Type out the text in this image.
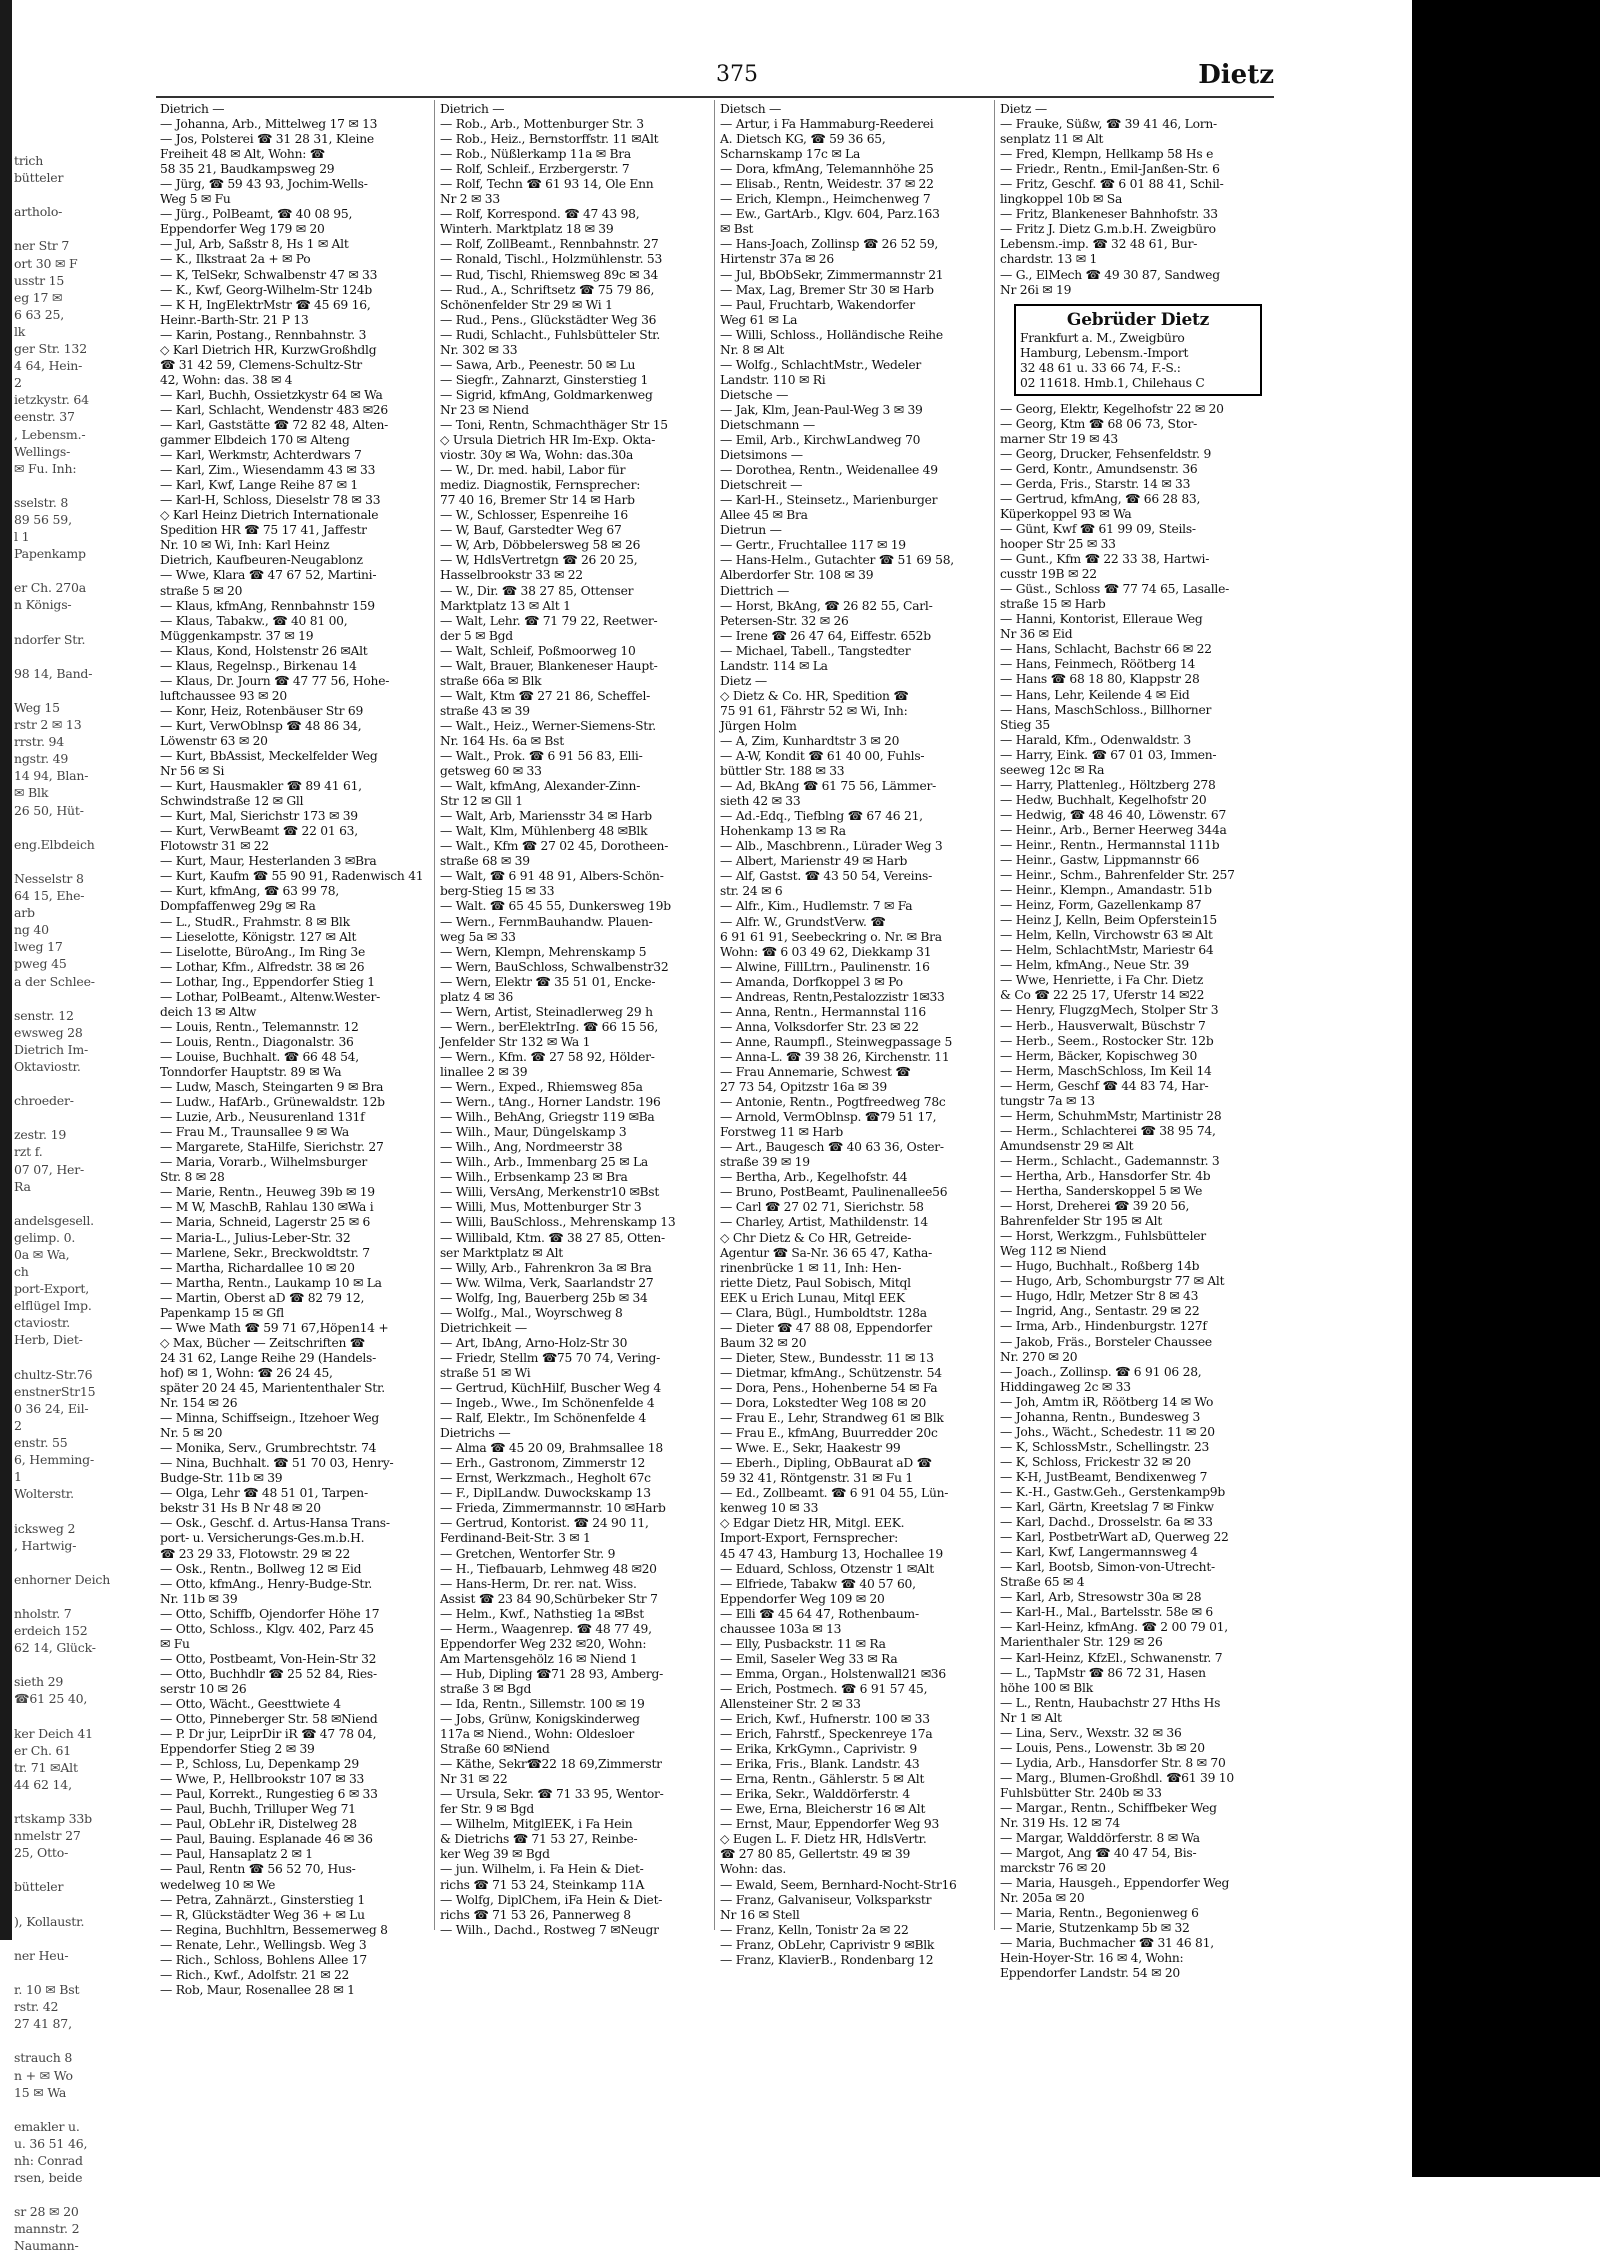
trich
bütteler
artholo-
ner Str 7
ort 30 ✉ F
usstr 15
eg 17 ✉
6 63 25,
lk
ger Str. 132
4 64, Hein-
2
ietzkystr. 64
eenstr. 37
, Lebensm.-
Wellings-
✉ Fu. Inh:
sselstr. 8
89 56 59,
l 1
Papenkamp
er Ch. 270a
n Königs-
ndorfer Str.
98 14, Band-
Weg 15
rstr 2 ✉ 13
rrstr. 94
ngstr. 49
14 94, Blan-
✉ Blk
26 50, Hüt-
eng.Elbdeich
Nesselstr 8
64 15, Ehe-
arb
ng 40
lweg 17
pweg 45
a der Schlee-
senstr. 12
ewsweg 28
Dietrich Im-
Oktaviostr.
chroeder-
zestr. 19
rzt f.
07 07, Her-
Ra
andelsgesell.
gelimp. 0.
0a ✉ Wa,
ch
port-Export,
elflügel Imp.
ctaviostr.
Herb, Diet-
chultz-Str.76
enstnerStr15
0 36 24, Eil-
2
enstr. 55
6, Hemming-
1
Wolterstr.
icksweg 2
, Hartwig-
enhorner Deich
nholstr. 7
erdeich 152
62 14, Glück-
sieth 29
☎61 25 40,
ker Deich 41
er Ch. 61
tr. 71 ✉Alt
44 62 14,
rtskamp 33b
nmelstr 27
25, Otto-
bütteler
), Kollaustr.
ner Heu-
r. 10 ✉ Bst
rstr. 42
27 41 87,
strauch 8
n + ✉ Wo
15 ✉ Wa
emakler u.
u. 36 51 46,
nh: Conrad
rsen, beide
sr 28 ✉ 20
mannstr. 2
Naumann-
375	Dietz
Dietrich —
— Johanna, Arb., Mittelweg 17 ✉ 13
— Jos, Polsterei ☎ 31 28 31, Kleine
Freiheit 48 ✉ Alt, Wohn: ☎
58 35 21, Baudkampsweg 29
— Jürg, ☎ 59 43 93, Jochim-Wells-
Weg 5 ✉ Fu
— Jürg., PolBeamt, ☎ 40 08 95,
Eppendorfer Weg 179 ✉ 20
— Jul, Arb, Saßstr 8, Hs 1 ✉ Alt
— K., Ilkstraat 2a + ✉ Po
— K, TelSekr, Schwalbenstr 47 ✉ 33
— K., Kwf, Georg-Wilhelm-Str 124b
— K H, IngElektrMstr ☎ 45 69 16,
Heinr.-Barth-Str. 21 P 13
— Karin, Postang., Rennbahnstr. 3
◇ Karl Dietrich HR, KurzwGroßhdlg
☎ 31 42 59, Clemens-Schultz-Str
42, Wohn: das. 38 ✉ 4
— Karl, Buchh, Ossietzkystr 64 ✉ Wa
— Karl, Schlacht, Wendenstr 483 ✉26
— Karl, Gaststätte ☎ 72 82 48, Alten-
gammer Elbdeich 170 ✉ Alteng
— Karl, Werkmstr, Achterdwars 7
— Karl, Zim., Wiesendamm 43 ✉ 33
— Karl, Kwf, Lange Reihe 87 ✉ 1
— Karl-H, Schloss, Dieselstr 78 ✉ 33
◇ Karl Heinz Dietrich Internationale
Spedition HR ☎ 75 17 41, Jaffestr
Nr. 10 ✉ Wi, Inh: Karl Heinz
Dietrich, Kaufbeuren-Neugablonz
— Wwe, Klara ☎ 47 67 52, Martini-
straße 5 ✉ 20
— Klaus, kfmAng, Rennbahnstr 159
— Klaus, Tabakw., ☎ 40 81 00,
Müggenkampstr. 37 ✉ 19
— Klaus, Kond, Holstenstr 26 ✉Alt
— Klaus, Regelnsp., Birkenau 14
— Klaus, Dr. Journ ☎ 47 77 56, Hohe-
luftchaussee 93 ✉ 20
— Konr, Heiz, Rotenbäuser Str 69
— Kurt, VerwOblnsp ☎ 48 86 34,
Löwenstr 63 ✉ 20
— Kurt, BbAssist, Meckelfelder Weg
Nr 56 ✉ Si
— Kurt, Hausmakler ☎ 89 41 61,
Schwindstraße 12 ✉ Gll
— Kurt, Mal, Sierichstr 173 ✉ 39
— Kurt, VerwBeamt ☎ 22 01 63,
Flotowstr 31 ✉ 22
— Kurt, Maur, Hesterlanden 3 ✉Bra
— Kurt, Kaufm ☎ 55 90 91, Radenwisch 41
— Kurt, kfmAng, ☎ 63 99 78,
Dompfaffenweg 29g ✉ Ra
— L., StudR., Frahmstr. 8 ✉ Blk
— Lieselotte, Königstr. 127 ✉ Alt
— Liselotte, BüroAng., Im Ring 3e
— Lothar, Kfm., Alfredstr. 38 ✉ 26
— Lothar, Ing., Eppendorfer Stieg 1
— Lothar, PolBeamt., Altenw.Wester-
deich 13 ✉ Altw
— Louis, Rentn., Telemannstr. 12
— Louis, Rentn., Diagonalstr. 36
— Louise, Buchhalt. ☎ 66 48 54,
Tonndorfer Hauptstr. 89 ✉ Wa
— Ludw, Masch, Steingarten 9 ✉ Bra
— Ludw., HafArb., Grünewaldstr. 12b
— Luzie, Arb., Neusurenland 131f
— Frau M., Traunsallee 9 ✉ Wa
— Margarete, StaHilfe, Sierichstr. 27
— Maria, Vorarb., Wilhelmsburger
Str. 8 ✉ 28
— Marie, Rentn., Heuweg 39b ✉ 19
— M W, MaschB, Rahlau 130 ✉Wa i
— Maria, Schneid, Lagerstr 25 ✉ 6
— Maria-L., Julius-Leber-Str. 32
— Marlene, Sekr., Breckwoldtstr. 7
— Martha, Richardallee 10 ✉ 20
— Martha, Rentn., Laukamp 10 ✉ La
— Martin, Oberst aD ☎ 82 79 12,
Papenkamp 15 ✉ Gfl
— Wwe Math ☎ 59 71 67,Höpen14 +
◇ Max, Bücher — Zeitschriften ☎
24 31 62, Lange Reihe 29 (Handels-
hof) ✉ 1, Wohn: ☎ 26 24 45,
später 20 24 45, Mariententhaler Str.
Nr. 154 ✉ 26
— Minna, Schiffseign., Itzehoer Weg
Nr. 5 ✉ 20
— Monika, Serv., Grumbrechtstr. 74
— Nina, Buchhalt. ☎ 51 70 03, Henry-
Budge-Str. 11b ✉ 39
— Olga, Lehr ☎ 48 51 01, Tarpen-
bekstr 31 Hs B Nr 48 ✉ 20
— Osk., Geschf. d. Artus-Hansa Trans-
port- u. Versicherungs-Ges.m.b.H.
☎ 23 29 33, Flotowstr. 29 ✉ 22
— Osk., Rentn., Bollweg 12 ✉ Eid
— Otto, kfmAng., Henry-Budge-Str.
Nr. 11b ✉ 39
— Otto, Schiffb, Ojendorfer Höhe 17
— Otto, Schloss., Klgv. 402, Parz 45
✉ Fu
— Otto, Postbeamt, Von-Hein-Str 32
— Otto, Buchhdlr ☎ 25 52 84, Ries-
serstr 10 ✉ 26
— Otto, Wächt., Geesttwiete 4
— Otto, Pinneberger Str. 58 ✉Niend
— P. Dr jur, LeiprDir iR ☎ 47 78 04,
Eppendorfer Stieg 2 ✉ 39
— P., Schloss, Lu, Depenkamp 29
— Wwe, P., Hellbrookstr 107 ✉ 33
— Paul, Korrekt., Rungestieg 6 ✉ 33
— Paul, Buchh, Trilluper Weg 71
— Paul, ObLehr iR, Distelweg 28
— Paul, Bauing. Esplanade 46 ✉ 36
— Paul, Hansaplatz 2 ✉ 1
— Paul, Rentn ☎ 56 52 70, Hus-
wedelweg 10 ✉ We
— Petra, Zahnärzt., Ginsterstieg 1
— R, Glückstädter Weg 36 + ✉ Lu
— Regina, Buchhltrn, Bessemerweg 8
— Renate, Lehr., Wellingsb. Weg 3
— Rich., Schloss, Bohlens Allee 17
— Rich., Kwf., Adolfstr. 21 ✉ 22
— Rob, Maur, Rosenallee 28 ✉ 1
Dietrich —
— Rob., Arb., Mottenburger Str. 3
— Rob., Heiz., Bernstorffstr. 11 ✉Alt
— Rob., Nüßlerkamp 11a ✉ Bra
— Rolf, Schleif., Erzbergerstr. 7
— Rolf, Techn ☎ 61 93 14, Ole Enn
Nr 2 ✉ 33
— Rolf, Korrespond. ☎ 47 43 98,
Winterh. Marktplatz 18 ✉ 39
— Rolf, ZollBeamt., Rennbahnstr. 27
— Ronald, Tischl., Holzmühlenstr. 53
— Rud, Tischl, Rhiemsweg 89c ✉ 34
— Rud., A., Schriftsetz ☎ 75 79 86,
Schönenfelder Str 29 ✉ Wi 1
— Rud., Pens., Glückstädter Weg 36
— Rudi, Schlacht., Fuhlsbütteler Str.
Nr. 302 ✉ 33
— Sawa, Arb., Peenestr. 50 ✉ Lu
— Siegfr., Zahnarzt, Ginsterstieg 1
— Sigrid, kfmAng, Goldmarkenweg
Nr 23 ✉ Niend
— Toni, Rentn, Schmachthäger Str 15
◇ Ursula Dietrich HR Im-Exp. Okta-
viostr. 30y ✉ Wa, Wohn: das.30a
— W., Dr. med. habil, Labor für
mediz. Diagnostik, Fernsprecher:
77 40 16, Bremer Str 14 ✉ Harb
— W., Schlosser, Espenreihe 16
— W, Bauf, Garstedter Weg 67
— W, Arb, Döbbelersweg 58 ✉ 26
— W, HdlsVertretgn ☎ 26 20 25,
Hasselbrookstr 33 ✉ 22
— W., Dir. ☎ 38 27 85, Ottenser
Marktplatz 13 ✉ Alt 1
— Walt, Lehr. ☎ 71 79 22, Reetwer-
der 5 ✉ Bgd
— Walt, Schleif, Poßmoorweg 10
— Walt, Brauer, Blankeneser Haupt-
straße 66a ✉ Blk
— Walt, Ktm ☎ 27 21 86, Scheffel-
straße 43 ✉ 39
— Walt., Heiz., Werner-Siemens-Str.
Nr. 164 Hs. 6a ✉ Bst
— Walt., Prok. ☎ 6 91 56 83, Elli-
getsweg 60 ✉ 33
— Walt, kfmAng, Alexander-Zinn-
Str 12 ✉ Gll 1
— Walt, Arb, Mariensstr 34 ✉ Harb
— Walt, Klm, Mühlenberg 48 ✉Blk
— Walt., Kfm ☎ 27 02 45, Dorotheen-
straße 68 ✉ 39
— Walt, ☎ 6 91 48 91, Albers-Schön-
berg-Stieg 15 ✉ 33
— Walt. ☎ 65 45 55, Dunkersweg 19b
— Wern., FernmBauhandw. Plauen-
weg 5a ✉ 33
— Wern, Klempn, Mehrenskamp 5
— Wern, BauSchloss, Schwalbenstr32
— Wern, Elektr ☎ 35 51 01, Encke-
platz 4 ✉ 36
— Wern, Artist, Steinadlerweg 29 h
— Wern., berElektrIng. ☎ 66 15 56,
Jenfelder Str 132 ✉ Wa 1
— Wern., Kfm. ☎ 27 58 92, Hölder-
linallee 2 ✉ 39
— Wern., Exped., Rhiemsweg 85a
— Wern., tAng., Horner Landstr. 196
— Wilh., BehAng, Griegstr 119 ✉Ba
— Wilh., Maur, Düngelskamp 3
— Wilh., Ang, Nordmeerstr 38
— Wilh., Arb., Immenbarg 25 ✉ La
— Wilh., Erbsenkamp 23 ✉ Bra
— Willi, VersAng, Merkenstr10 ✉Bst
— Willi, Mus, Mottenburger Str 3
— Willi, BauSchloss., Mehrenskamp 13
— Willibald, Ktm. ☎ 38 27 85, Otten-
ser Marktplatz ✉ Alt
— Willy, Arb., Fahrenkron 3a ✉ Bra
— Ww. Wilma, Verk, Saarlandstr 27
— Wolfg, Ing, Bauerberg 25b ✉ 34
— Wolfg., Mal., Woyrschweg 8
Dietrichkeit —
— Art, IbAng, Arno-Holz-Str 30
— Friedr, Stellm ☎75 70 74, Vering-
straße 51 ✉ Wi
— Gertrud, KüchHilf, Buscher Weg 4
— Ingeb., Wwe., Im Schönenfelde 4
— Ralf, Elektr., Im Schönenfelde 4
Dietrichs —
— Alma ☎ 45 20 09, Brahmsallee 18
— Erh., Gastronom, Zimmerstr 12
— Ernst, Werkzmach., Hegholt 67c
— F., DiplLandw. Duwockskamp 13
— Frieda, Zimmermannstr. 10 ✉Harb
— Gertrud, Kontorist. ☎ 24 90 11,
Ferdinand-Beit-Str. 3 ✉ 1
— Gretchen, Wentorfer Str. 9
— H., Tiefbauarb, Lehmweg 48 ✉20
— Hans-Herm, Dr. rer. nat. Wiss.
Assist ☎ 23 84 90,Schürbeker Str 7
— Helm., Kwf., Nathstieg 1a ✉Bst
— Herm., Waagenrep. ☎ 48 77 49,
Eppendorfer Weg 232 ✉20, Wohn:
Am Martensgehölz 16 ✉ Niend 1
— Hub, Dipling ☎71 28 93, Amberg-
straße 3 ✉ Bgd
— Ida, Rentn., Sillemstr. 100 ✉ 19
— Jobs, Grünw, Konigskinderweg
117a ✉ Niend., Wohn: Oldesloer
Straße 60 ✉Niend
— Käthe, Sekr☎22 18 69,Zimmerstr
Nr 31 ✉ 22
— Ursula, Sekr. ☎ 71 33 95, Wentor-
fer Str. 9 ✉ Bgd
— Wilhelm, MitglEEK, i Fa Hein
& Dietrichs ☎ 71 53 27, Reinbe-
ker Weg 39 ✉ Bgd
— jun. Wilhelm, i. Fa Hein & Diet-
richs ☎ 71 53 24, Steinkamp 11A
— Wolfg, DiplChem, iFa Hein & Diet-
richs ☎ 71 53 26, Pannerweg 8
— Wilh., Dachd., Rostweg 7 ✉Neugr
Dietsch —
— Artur, i Fa Hammaburg-Reederei
A. Dietsch KG, ☎ 59 36 65,
Scharnskamp 17c ✉ La
— Dora, kfmAng, Telemannhöhe 25
— Elisab., Rentn, Weidestr. 37 ✉ 22
— Erich, Klempn., Heimchenweg 7
— Ew., GartArb., Klgv. 604, Parz.163
✉ Bst
— Hans-Joach, Zollinsp ☎ 26 52 59,
Hirtenstr 37a ✉ 26
— Jul, BbObSekr, Zimmermannstr 21
— Max, Lag, Bremer Str 30 ✉ Harb
— Paul, Fruchtarb, Wakendorfer
Weg 61 ✉ La
— Willi, Schloss., Holländische Reihe
Nr. 8 ✉ Alt
— Wolfg., SchlachtMstr., Wedeler
Landstr. 110 ✉ Ri
Dietsche —
— Jak, Klm, Jean-Paul-Weg 3 ✉ 39
Dietschmann —
— Emil, Arb., KirchwLandweg 70
Dietsimons —
— Dorothea, Rentn., Weidenallee 49
Dietschreit —
— Karl-H., Steinsetz., Marienburger
Allee 45 ✉ Bra
Dietrun —
— Gertr., Fruchtallee 117 ✉ 19
— Hans-Helm., Gutachter ☎ 51 69 58,
Alberdorfer Str. 108 ✉ 39
Diettrich —
— Horst, BkAng, ☎ 26 82 55, Carl-
Petersen-Str. 32 ✉ 26
— Irene ☎ 26 47 64, Eiffestr. 652b
— Michael, Tabell., Tangstedter
Landstr. 114 ✉ La
Dietz —
◇ Dietz & Co. HR, Spedition ☎
75 91 61, Fährstr 52 ✉ Wi, Inh:
Jürgen Holm
— A, Zim, Kunhardtstr 3 ✉ 20
— A-W, Kondit ☎ 61 40 00, Fuhls-
büttler Str. 188 ✉ 33
— Ad, BkAng ☎ 61 75 56, Lämmer-
sieth 42 ✉ 33
— Ad.-Edq., Tiefblng ☎ 67 46 21,
Hohenkamp 13 ✉ Ra
— Alb., Maschbrenn., Lürader Weg 3
— Albert, Marienstr 49 ✉ Harb
— Alf, Gastst. ☎ 43 50 54, Vereins-
str. 24 ✉ 6
— Alfr., Kim., Hudlemstr. 7 ✉ Fa
— Alfr. W., GrundstVerw. ☎
6 91 61 91, Seebeckring o. Nr. ✉ Bra
Wohn: ☎ 6 03 49 62, Diekkamp 31
— Alwine, FillLtrn., Paulinenstr. 16
— Amanda, Dorfkoppel 3 ✉ Po
— Andreas, Rentn,Pestalozzistr 1✉33
— Anna, Rentn., Hermannstal 116
— Anna, Volksdorfer Str. 23 ✉ 22
— Anne, Raumpfl., Steinwegpassage 5
— Anna-L. ☎ 39 38 26, Kirchenstr. 11
— Frau Annemarie, Schwest ☎
27 73 54, Opitzstr 16a ✉ 39
— Antonie, Rentn., Pogtfreedweg 78c
— Arnold, VermOblnsp. ☎79 51 17,
Forstweg 11 ✉ Harb
— Art., Baugesch ☎ 40 63 36, Oster-
straße 39 ✉ 19
— Bertha, Arb., Kegelhofstr. 44
— Bruno, PostBeamt, Paulinenallee56
— Carl ☎ 27 02 71, Sierichstr. 58
— Charley, Artist, Mathildenstr. 14
◇ Chr Dietz & Co HR, Getreide-
Agentur ☎ Sa-Nr. 36 65 47, Katha-
rinenbrücke 1 ✉ 11, Inh: Hen-
riette Dietz, Paul Sobisch, Mitql
EEK u Erich Lunau, Mitql EEK
— Clara, Bügl., Humboldtstr. 128a
— Dieter ☎ 47 88 08, Eppendorfer
Baum 32 ✉ 20
— Dieter, Stew., Bundesstr. 11 ✉ 13
— Dietmar, kfmAng., Schützenstr. 54
— Dora, Pens., Hohenberne 54 ✉ Fa
— Dora, Lokstedter Weg 108 ✉ 20
— Frau E., Lehr, Strandweg 61 ✉ Blk
— Frau E., kfmAng, Buurredder 20c
— Wwe. E., Sekr, Haakestr 99
— Eberh., Dipling, ObBaurat aD ☎
59 32 41, Röntgenstr. 31 ✉ Fu 1
— Ed., Zollbeamt. ☎ 6 91 04 55, Lün-
kenweg 10 ✉ 33
◇ Edgar Dietz HR, Mitgl. EEK.
Import-Export, Fernsprecher:
45 47 43, Hamburg 13, Hochallee 19
— Eduard, Schloss, Otzenstr 1 ✉Alt
— Elfriede, Tabakw ☎ 40 57 60,
Eppendorfer Weg 109 ✉ 20
— Elli ☎ 45 64 47, Rothenbaum-
chaussee 103a ✉ 13
— Elly, Pusbackstr. 11 ✉ Ra
— Emil, Saseler Weg 33 ✉ Ra
— Emma, Organ., Holstenwall21 ✉36
— Erich, Postmech. ☎ 6 91 57 45,
Allensteiner Str. 2 ✉ 33
— Erich, Kwf., Hufnerstr. 100 ✉ 33
— Erich, Fahrstf., Speckenreye 17a
— Erika, KrkGymn., Caprivistr. 9
— Erika, Fris., Blank. Landstr. 43
— Erna, Rentn., Gählerstr. 5 ✉ Alt
— Erika, Sekr., Walddörferstr. 4
— Ewe, Erna, Bleicherstr 16 ✉ Alt
— Ernst, Maur, Eppendorfer Weg 93
◇ Eugen L. F. Dietz HR, HdlsVertr.
☎ 27 80 85, Gellertstr. 49 ✉ 39
Wohn: das.
— Ewald, Seem, Bernhard-Nocht-Str16
— Franz, Galvaniseur, Volksparkstr
Nr 16 ✉ Stell
— Franz, Kelln, Tonistr 2a ✉ 22
— Franz, ObLehr, Caprivistr 9 ✉Blk
— Franz, KlavierB., Rondenbarg 12
Dietz —
— Frauke, Süßw, ☎ 39 41 46, Lorn-
senplatz 11 ✉ Alt
— Fred, Klempn, Hellkamp 58 Hs e
— Friedr., Rentn., Emil-Janßen-Str. 6
— Fritz, Geschf. ☎ 6 01 88 41, Schil-
lingkoppel 10b ✉ Sa
— Fritz, Blankeneser Bahnhofstr. 33
— Fritz J. Dietz G.m.b.H. Zweigbüro
Lebensm.-imp. ☎ 32 48 61, Bur-
chardstr. 13 ✉ 1
— G., ElMech ☎ 49 30 87, Sandweg
Nr 26i ✉ 19
Gebrüder Dietz
Frankfurt a. M., Zweigbüro
Hamburg, Lebensm.-Import
32 48 61 u. 33 66 74, F.-S.:
02 11618. Hmb.1, Chilehaus C
— Georg, Elektr, Kegelhofstr 22 ✉ 20
— Georg, Ktm ☎ 68 06 73, Stor-
marner Str 19 ✉ 43
— Georg, Drucker, Fehsenfeldstr. 9
— Gerd, Kontr., Amundsenstr. 36
— Gerda, Fris., Starstr. 14 ✉ 33
— Gertrud, kfmAng, ☎ 66 28 83,
Küperkoppel 93 ✉ Wa
— Günt, Kwf ☎ 61 99 09, Steils-
hooper Str 25 ✉ 33
— Gunt., Kfm ☎ 22 33 38, Hartwi-
cusstr 19B ✉ 22
— Güst., Schloss ☎ 77 74 65, Lasalle-
straße 15 ✉ Harb
— Hanni, Kontorist, Elleraue Weg
Nr 36 ✉ Eid
— Hans, Schlacht, Bachstr 66 ✉ 22
— Hans, Feinmech, Röötberg 14
— Hans ☎ 68 18 80, Klappstr 28
— Hans, Lehr, Keilende 4 ✉ Eid
— Hans, MaschSchloss., Billhorner
Stieg 35
— Harald, Kfm., Odenwaldstr. 3
— Harry, Eink. ☎ 67 01 03, Immen-
seeweg 12c ✉ Ra
— Harry, Plattenleg., Höltzberg 278
— Hedw, Buchhalt, Kegelhofstr 20
— Hedwig, ☎ 48 46 40, Löwenstr. 67
— Heinr., Arb., Berner Heerweg 344a
— Heinr., Rentn., Hermannstal 111b
— Heinr., Gastw, Lippmannstr 66
— Heinr., Schm., Bahrenfelder Str. 257
— Heinr., Klempn., Amandastr. 51b
— Heinz, Form, Gazellenkamp 87
— Heinz J, Kelln, Beim Opferstein15
— Helm, Kelln, Virchowstr 63 ✉ Alt
— Helm, SchlachtMstr, Mariestr 64
— Helm, kfmAng., Neue Str. 39
— Wwe, Henriette, i Fa Chr. Dietz
& Co ☎ 22 25 17, Uferstr 14 ✉22
— Henry, FlugzgMech, Stolper Str 3
— Herb., Hausverwalt, Büschstr 7
— Herb., Seem., Rostocker Str. 12b
— Herm, Bäcker, Kopischweg 30
— Herm, MaschSchloss, Im Keil 14
— Herm, Geschf ☎ 44 83 74, Har-
tungstr 7a ✉ 13
— Herm, SchuhmMstr, Martinistr 28
— Herm., Schlachterei ☎ 38 95 74,
Amundsenstr 29 ✉ Alt
— Herm., Schlacht., Gademannstr. 3
— Hertha, Arb., Hansdorfer Str. 4b
— Hertha, Sanderskoppel 5 ✉ We
— Horst, Dreherei ☎ 39 20 56,
Bahrenfelder Str 195 ✉ Alt
— Horst, Werkzgm., Fuhlsbütteler
Weg 112 ✉ Niend
— Hugo, Buchhalt., Roßberg 14b
— Hugo, Arb, Schomburgstr 77 ✉ Alt
— Hugo, Hdlr, Metzer Str 8 ✉ 43
— Ingrid, Ang., Sentastr. 29 ✉ 22
— Irma, Arb., Hindenburgstr. 127f
— Jakob, Fräs., Borsteler Chaussee
Nr. 270 ✉ 20
— Joach., Zollinsp. ☎ 6 91 06 28,
Hiddingaweg 2c ✉ 33
— Joh, Amtm iR, Röötberg 14 ✉ Wo
— Johanna, Rentn., Bundesweg 3
— Johs., Wächt., Schedestr. 11 ✉ 20
— K, SchlossMstr., Schellingstr. 23
— K, Schloss, Frickestr 32 ✉ 20
— K-H, JustBeamt, Bendixenweg 7
— K.-H., Gastw.Geh., Gerstenkamp9b
— Karl, Gärtn, Kreetslag 7 ✉ Finkw
— Karl, Dachd., Drosselstr. 6a ✉ 33
— Karl, PostbetrWart aD, Querweg 22
— Karl, Kwf, Langermannsweg 4
— Karl, Bootsb, Simon-von-Utrecht-
Straße 65 ✉ 4
— Karl, Arb, Stresowstr 30a ✉ 28
— Karl-H., Mal., Bartelsstr. 58e ✉ 6
— Karl-Heinz, kfmAng. ☎ 2 00 79 01,
Marienthaler Str. 129 ✉ 26
— Karl-Heinz, KfzEl., Schwanenstr. 7
— L., TapMstr ☎ 86 72 31, Hasen
höhe 100 ✉ Blk
— L., Rentn, Haubachstr 27 Hths Hs
Nr 1 ✉ Alt
— Lina, Serv., Wexstr. 32 ✉ 36
— Louis, Pens., Lowenstr. 3b ✉ 20
— Lydia, Arb., Hansdorfer Str. 8 ✉ 70
— Marg., Blumen-Großhdl. ☎61 39 10
Fuhlsbütter Str. 240b ✉ 33
— Margar., Rentn., Schiffbeker Weg
Nr. 319 Hs. 12 ✉ 74
— Margar, Walddörferstr. 8 ✉ Wa
— Margot, Ang ☎ 40 47 54, Bis-
marckstr 76 ✉ 20
— Maria, Hausgeh., Eppendorfer Weg
Nr. 205a ✉ 20
— Maria, Rentn., Begonienweg 6
— Marie, Stutzenkamp 5b ✉ 32
— Maria, Buchmacher ☎ 31 46 81,
Hein-Hoyer-Str. 16 ✉ 4, Wohn:
Eppendorfer Landstr. 54 ✉ 20
